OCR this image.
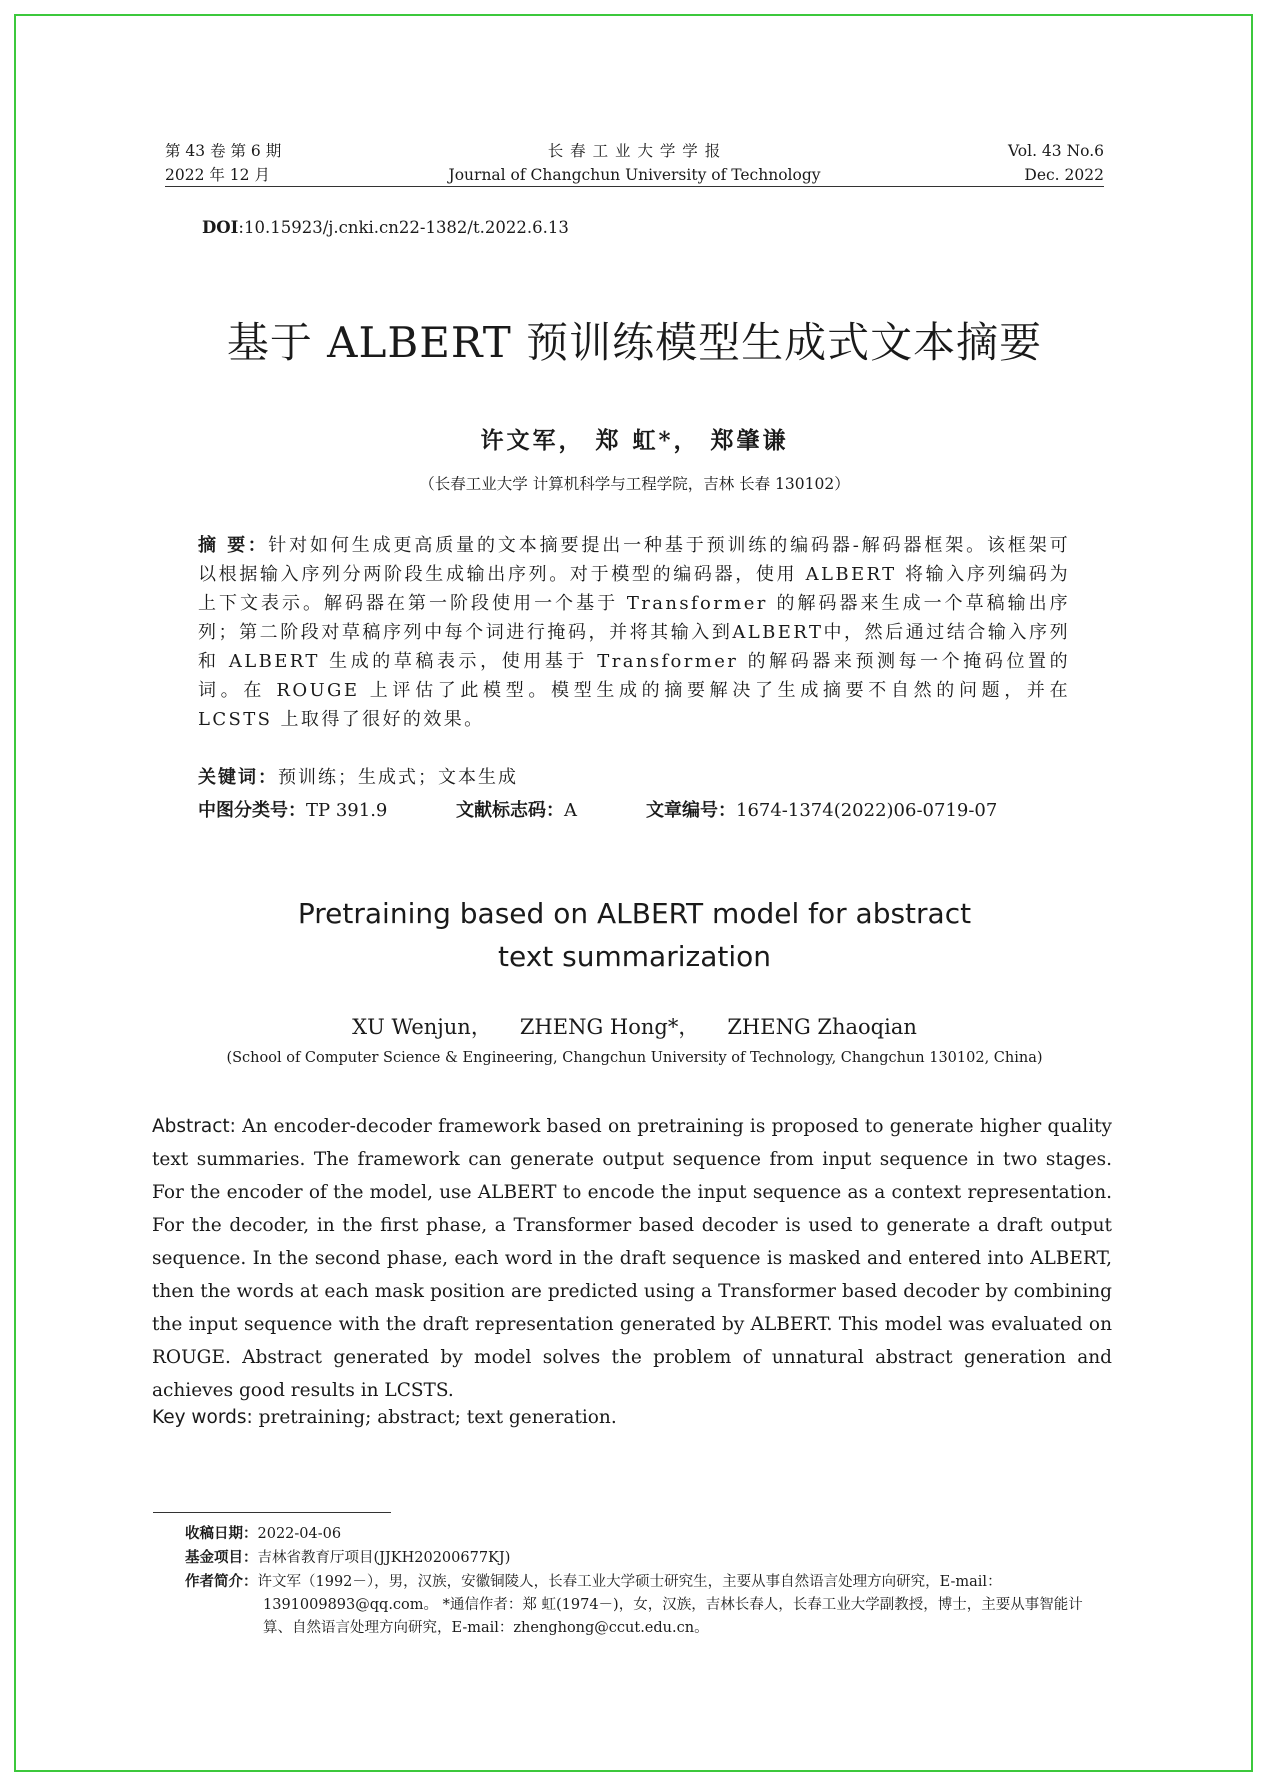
第 43 卷 第 6 期
2022 年 12 月
长 春 工 业 大 学 学 报
Journal of Changchun University of Technology
Vol. 43 No.6
Dec. 2022
DOI:10.15923/j.cnki.cn22-1382/t.2022.6.13
基于 ALBERT 预训练模型生成式文本摘要
许文军， 郑 虹*， 郑肇谦
（长春工业大学 计算机科学与工程学院，吉林 长春 130102）
摘 要：针对如何生成更高质量的文本摘要提出一种基于预训练的编码器-解码器框架。该框架可以根据输入序列分两阶段生成输出序列。对于模型的编码器，使用 ALBERT 将输入序列编码为上下文表示。解码器在第一阶段使用一个基于 Transformer 的解码器来生成一个草稿输出序列；第二阶段对草稿序列中每个词进行掩码，并将其输入到ALBERT中，然后通过结合输入序列和 ALBERT 生成的草稿表示，使用基于 Transformer 的解码器来预测每一个掩码位置的词。在 ROUGE 上评估了此模型。模型生成的摘要解决了生成摘要不自然的问题，并在 LCSTS 上取得了很好的效果。
关键词：预训练；生成式；文本生成
中图分类号：TP 391.9	文献标志码：A	文章编号：1674-1374(2022)06-0719-07
Pretraining based on ALBERT model for abstract
text summarization
XU Wenjun， ZHENG Hong*， ZHENG Zhaoqian
(School of Computer Science & Engineering, Changchun University of Technology, Changchun 130102, China)
Abstract: An encoder-decoder framework based on pretraining is proposed to generate higher quality text summaries. The framework can generate output sequence from input sequence in two stages. For the encoder of the model, use ALBERT to encode the input sequence as a context representation. For the decoder, in the first phase, a Transformer based decoder is used to generate a draft output sequence. In the second phase, each word in the draft sequence is masked and entered into ALBERT, then the words at each mask position are predicted using a Transformer based decoder by combining the input sequence with the draft representation generated by ALBERT. This model was evaluated on ROUGE. Abstract generated by model solves the problem of unnatural abstract generation and achieves good results in LCSTS.
Key words: pretraining; abstract; text generation.
收稿日期：2022-04-06
基金项目：吉林省教育厅项目(JJKH20200677KJ)
作者简介：许文军（1992－），男，汉族，安徽铜陵人，长春工业大学硕士研究生，主要从事自然语言处理方向研究，E-mail：
1391009893@qq.com。 *通信作者：郑 虹(1974－)，女，汉族，吉林长春人，长春工业大学副教授，博士，主要从事智能计
算、自然语言处理方向研究，E-mail：zhenghong@ccut.edu.cn。
